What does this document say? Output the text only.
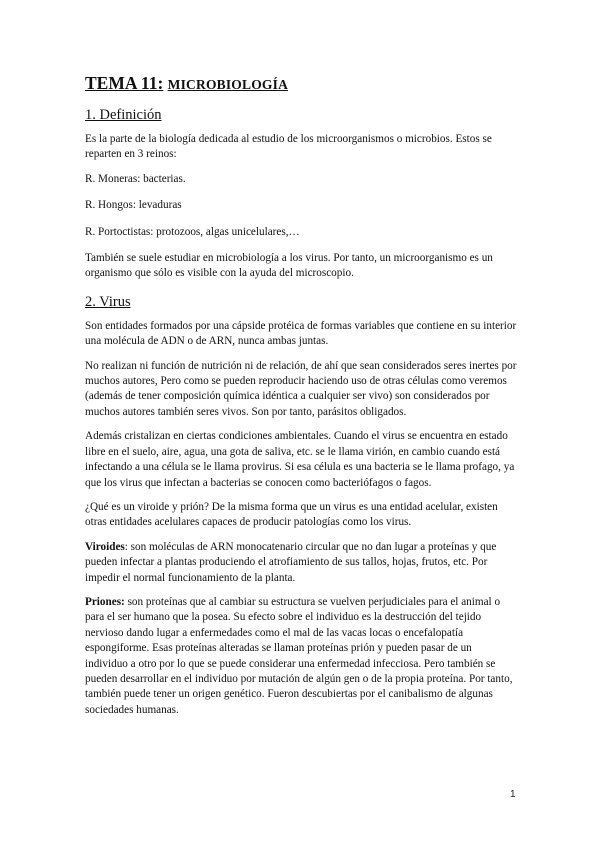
TEMA 11: MICROBIOLOGÍA
1. Definición

Es la parte de la biología dedicada al estudio de los microorganismos o microbios. Estos se reparten en 3 reinos:

R. Moneras: bacterias.

R. Hongos: levaduras

R. Portoctistas: protozoos, algas unicelulares,…

También se suele estudiar en microbiología a los virus. Por tanto, un microorganismo es un organismo que sólo es visible con la ayuda del microscopio.

2. Virus

Son entidades formados por una cápside protéica de formas variables que contiene en su interior una molécula de ADN o de ARN, nunca ambas juntas.

No realizan ni función de nutrición ni de relación, de ahí que sean considerados seres inertes por muchos autores, Pero como se pueden reproducir haciendo uso de otras células como veremos (además de tener composición química idéntica a cualquier ser vivo) son considerados por muchos autores también seres vivos. Son por tanto, parásitos obligados.

Además cristalizan en ciertas condiciones ambientales. Cuando el virus se encuentra en estado libre en el suelo, aire, agua, una gota de saliva, etc. se le llama virión, en cambio cuando está infectando a una célula se le llama provirus. Si esa célula es una bacteria se le llama profago, ya que los virus que infectan a bacterias se conocen como bacteriófagos o fagos.

¿Qué es un viroide y prión? De la misma forma que un virus es una entidad acelular, existen otras entidades acelulares capaces de producir patologías como los virus.

Viroides: son moléculas de ARN monocatenario circular que no dan lugar a proteínas y que pueden infectar a plantas produciendo el atrofiamiento de sus tallos, hojas, frutos, etc. Por impedir el normal funcionamiento de la planta.

Priones: son proteínas que al cambiar su estructura se vuelven perjudiciales para el animal o para el ser humano que la posea. Su efecto sobre el individuo es la destrucción del tejido nervioso dando lugar a enfermedades como el mal de las vacas locas o encefalopatía espongiforme. Esas proteínas alteradas se llaman proteínas prión y pueden pasar de un individuo a otro por lo que se puede considerar una enfermedad infecciosa. Pero también se pueden desarrollar en el individuo por mutación de algún gen o de la propia proteína. Por tanto, también puede tener un origen genético. Fueron descubiertas por el canibalismo de algunas sociedades humanas.

1
